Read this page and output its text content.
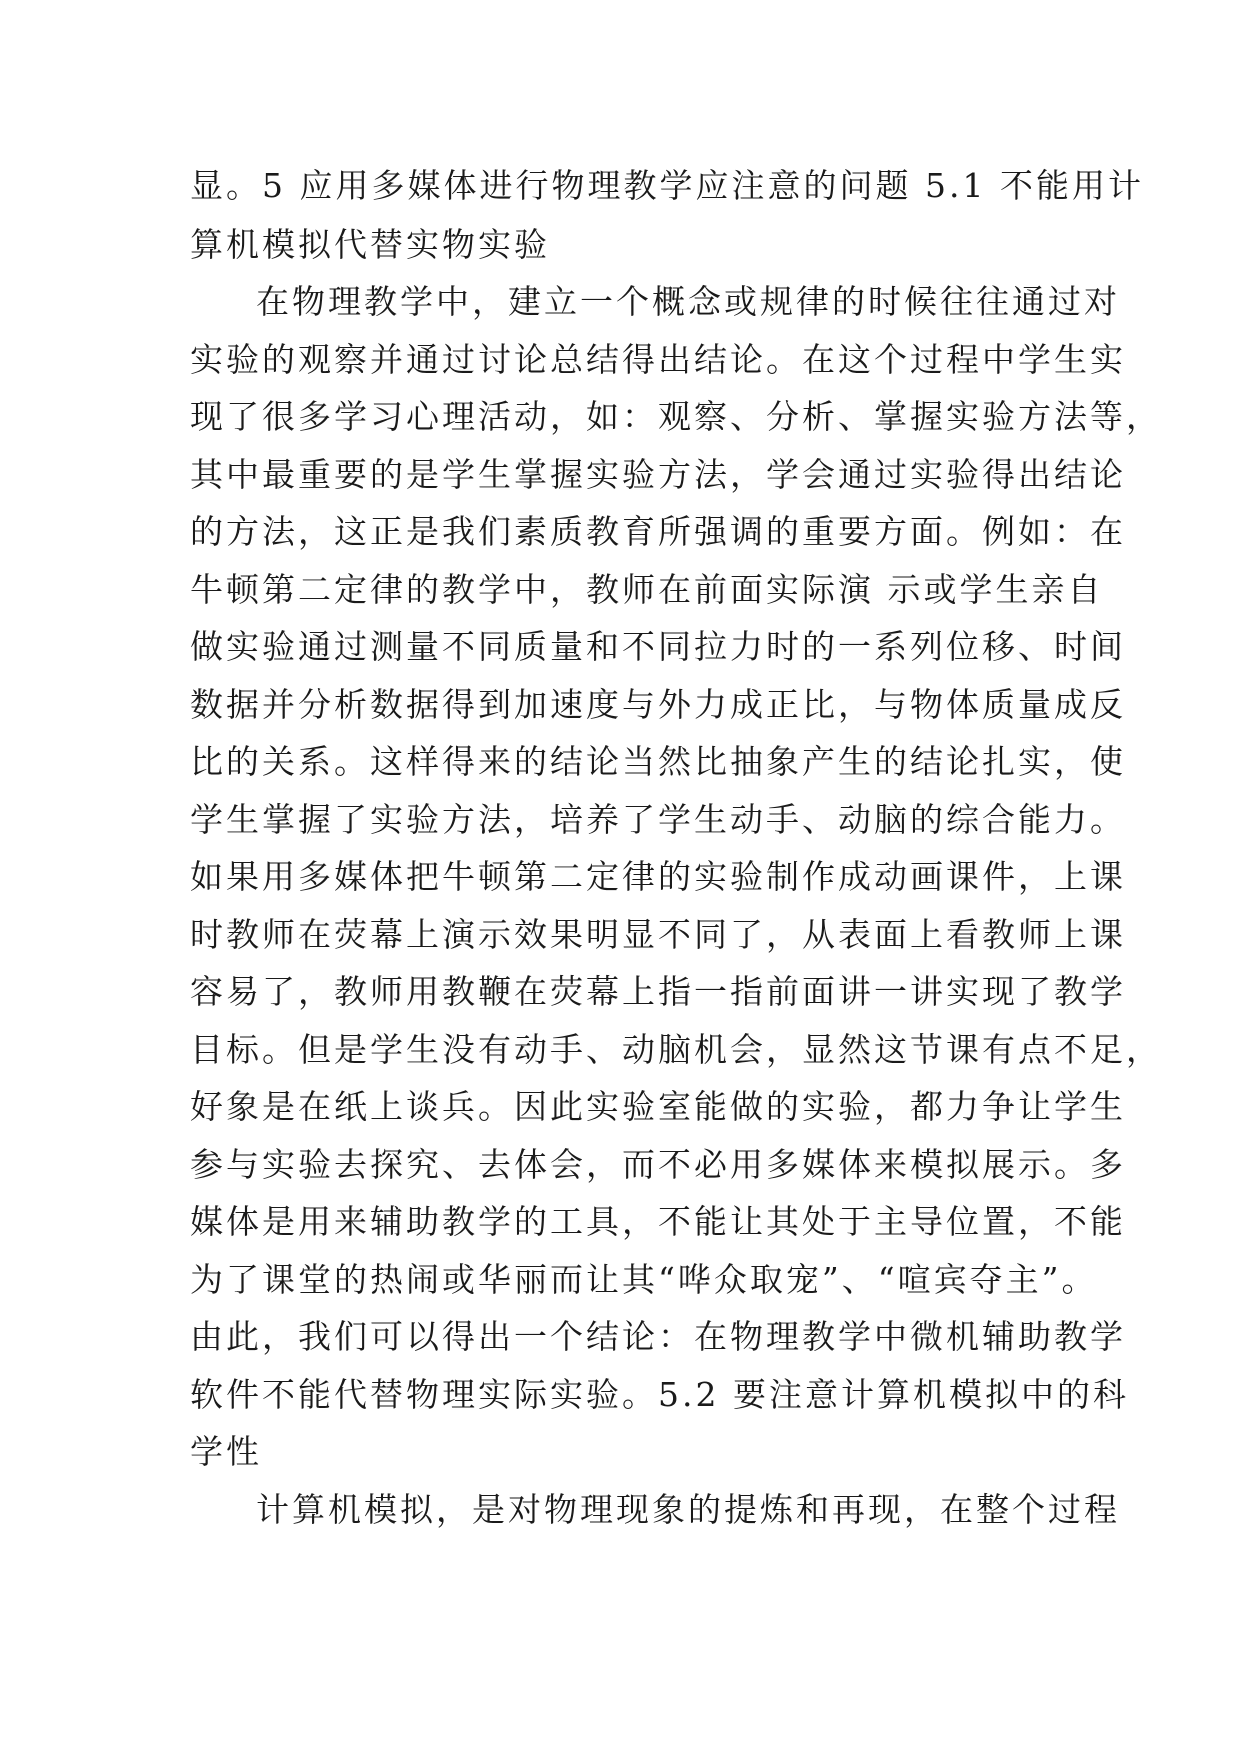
显。5 应用多媒体进行物理教学应注意的问题 5.1 不能用计
算机模拟代替实物实验
在物理教学中，建立一个概念或规律的时候往往通过对
实验的观察并通过讨论总结得出结论。在这个过程中学生实
现了很多学习心理活动，如：观察、分析、掌握实验方法等，
其中最重要的是学生掌握实验方法，学会通过实验得出结论
的方法，这正是我们素质教育所强调的重要方面。例如：在
牛顿第二定律的教学中，教师在前面实际演 示或学生亲自
做实验通过测量不同质量和不同拉力时的一系列位移、时间
数据并分析数据得到加速度与外力成正比，与物体质量成反
比的关系。这样得来的结论当然比抽象产生的结论扎实，使
学生掌握了实验方法，培养了学生动手、动脑的综合能力。
如果用多媒体把牛顿第二定律的实验制作成动画课件，上课
时教师在荧幕上演示效果明显不同了，从表面上看教师上课
容易了，教师用教鞭在荧幕上指一指前面讲一讲实现了教学
目标。但是学生没有动手、动脑机会，显然这节课有点不足，
好象是在纸上谈兵。因此实验室能做的实验，都力争让学生
参与实验去探究、去体会，而不必用多媒体来模拟展示。多
媒体是用来辅助教学的工具，不能让其处于主导位置，不能
为了课堂的热闹或华丽而让其“哗众取宠”、“喧宾夺主”。
由此，我们可以得出一个结论：在物理教学中微机辅助教学
软件不能代替物理实际实验。5.2 要注意计算机模拟中的科
学性
计算机模拟，是对物理现象的提炼和再现，在整个过程
